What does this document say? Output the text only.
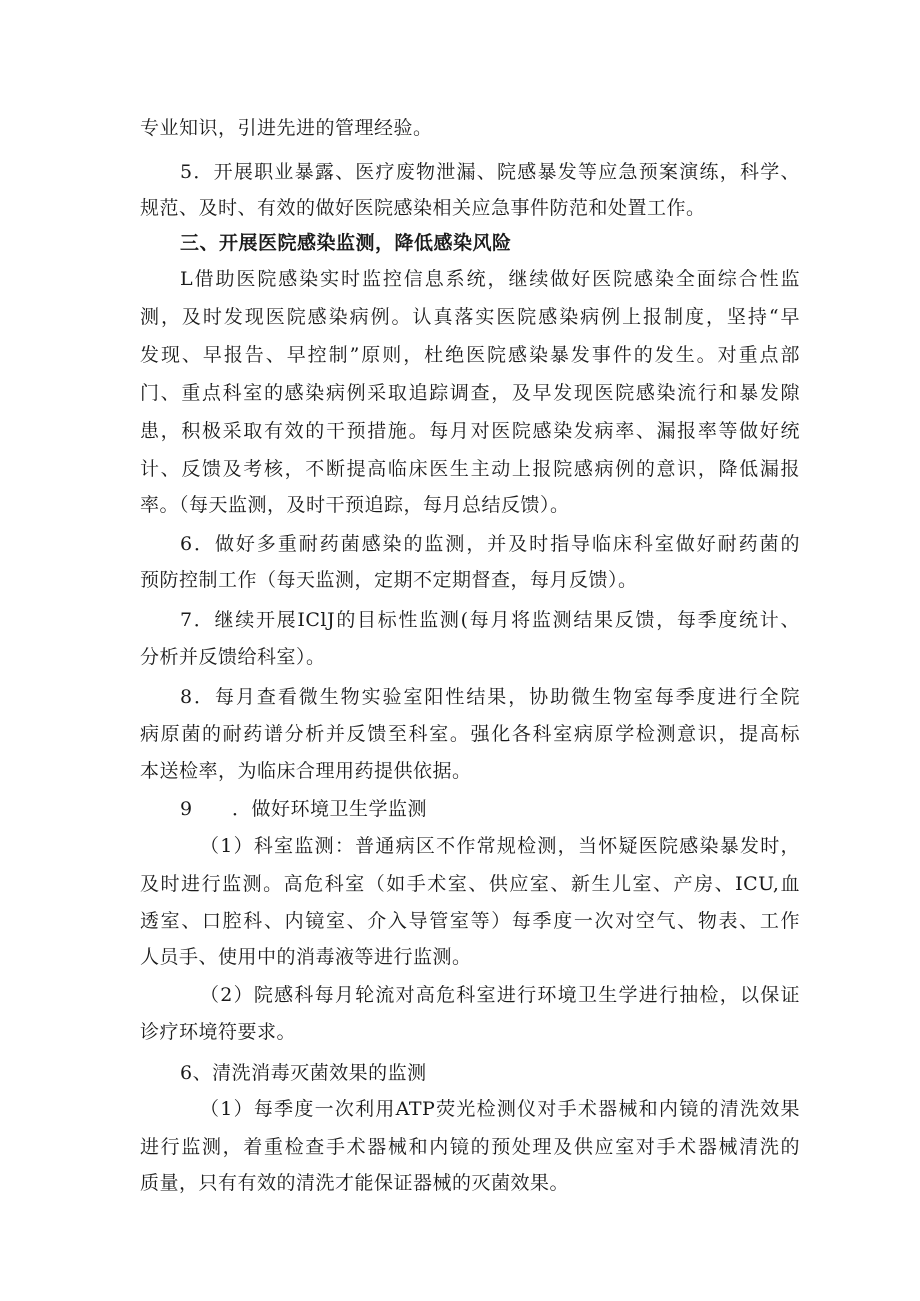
专业知识，引进先进的管理经验。
5．开展职业暴露、医疗废物泄漏、院感暴发等应急预案演练，科学、
规范、及时、有效的做好医院感染相关应急事件防范和处置工作。
三、开展医院感染监测，降低感染风险
L借助医院感染实时监控信息系统，继续做好医院感染全面综合性监
测，及时发现医院感染病例。认真落实医院感染病例上报制度，坚持“早
发现、早报告、早控制”原则，杜绝医院感染暴发事件的发生。对重点部
门、重点科室的感染病例采取追踪调查，及早发现医院感染流行和暴发隙
患，积极采取有效的干预措施。每月对医院感染发病率、漏报率等做好统
计、反馈及考核，不断提高临床医生主动上报院感病例的意识，降低漏报
率。（每天监测，及时干预追踪，每月总结反馈）。
6．做好多重耐药菌感染的监测，并及时指导临床科室做好耐药菌的
预防控制工作（每天监测，定期不定期督查，每月反馈）。
7．继续开展IClJ的目标性监测(每月将监测结果反馈，每季度统计、
分析并反馈给科室）。
8．每月查看微生物实验室阳性结果，协助微生物室每季度进行全院
病原菌的耐药谱分析并反馈至科室。强化各科室病原学检测意识，提高标
本送检率，为临床合理用药提供依据。
9 ．做好环境卫生学监测
（1）科室监测：普通病区不作常规检测，当怀疑医院感染暴发时，
及时进行监测。高危科室（如手术室、供应室、新生儿室、产房、ICU,血
透室、口腔科、内镜室、介入导管室等）每季度一次对空气、物表、工作
人员手、使用中的消毒液等进行监测。
（2）院感科每月轮流对高危科室进行环境卫生学进行抽检，以保证
诊疗环境符要求。
6、清洗消毒灭菌效果的监测
（1）每季度一次利用ATP荧光检测仪对手术器械和内镜的清洗效果
进行监测，着重检查手术器械和内镜的预处理及供应室对手术器械清洗的
质量，只有有效的清洗才能保证器械的灭菌效果。
